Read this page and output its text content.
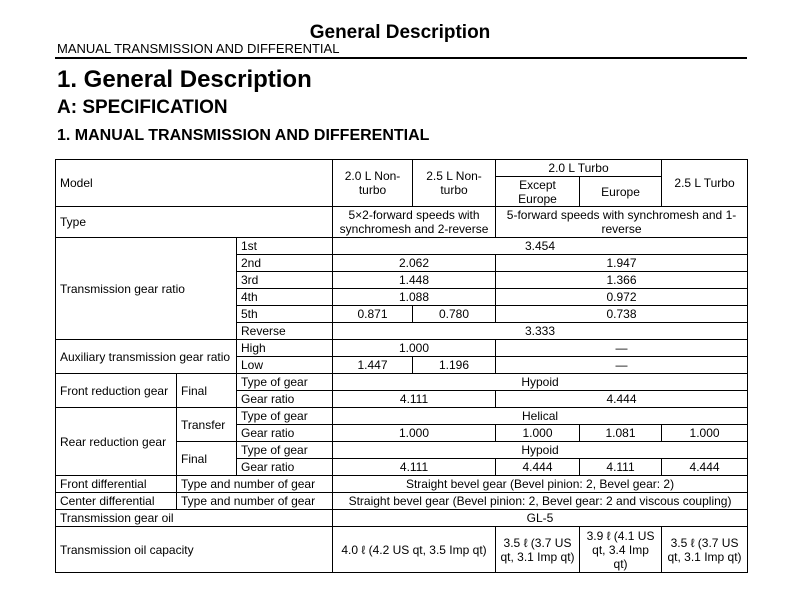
General Description
MANUAL TRANSMISSION AND DIFFERENTIAL
1. General Description
A: SPECIFICATION
1. MANUAL TRANSMISSION AND DIFFERENTIAL
Model			2.0 L Non-turbo	2.5 L Non-turbo	2.0 L Turbo		2.5 L Turbo
					Except Europe	Europe	
Type			5×2-forward speeds with synchromesh and 2-reverse		5-forward speeds with synchromesh and 1-reverse		
Transmission gear ratio		1st	3.454				
		2nd	2.062		1.947		
		3rd	1.448		1.366		
		4th	1.088		0.972		
		5th	0.871	0.780	0.738		
		Reverse	3.333				
Auxiliary transmission gear ratio		High	1.000		—		
		Low	1.447	1.196	—		
Front reduction gear	Final	Type of gear	Hypoid				
		Gear ratio	4.111		4.444		
Rear reduction gear	Transfer	Type of gear	Helical				
		Gear ratio	1.000		1.000	1.081	1.000
	Final	Type of gear	Hypoid				
		Gear ratio	4.111		4.444	4.111	4.444
Front differential	Type and number of gear		Straight bevel gear (Bevel pinion: 2, Bevel gear: 2)				
Center differential	Type and number of gear		Straight bevel gear (Bevel pinion: 2, Bevel gear: 2 and viscous coupling)				
Transmission gear oil			GL-5				
Transmission oil capacity			4.0 ℓ (4.2 US qt, 3.5 Imp qt)		3.5 ℓ (3.7 US qt, 3.1 Imp qt)	3.9 ℓ (4.1 US qt, 3.4 Imp qt)	3.5 ℓ (3.7 US qt, 3.1 Imp qt)
